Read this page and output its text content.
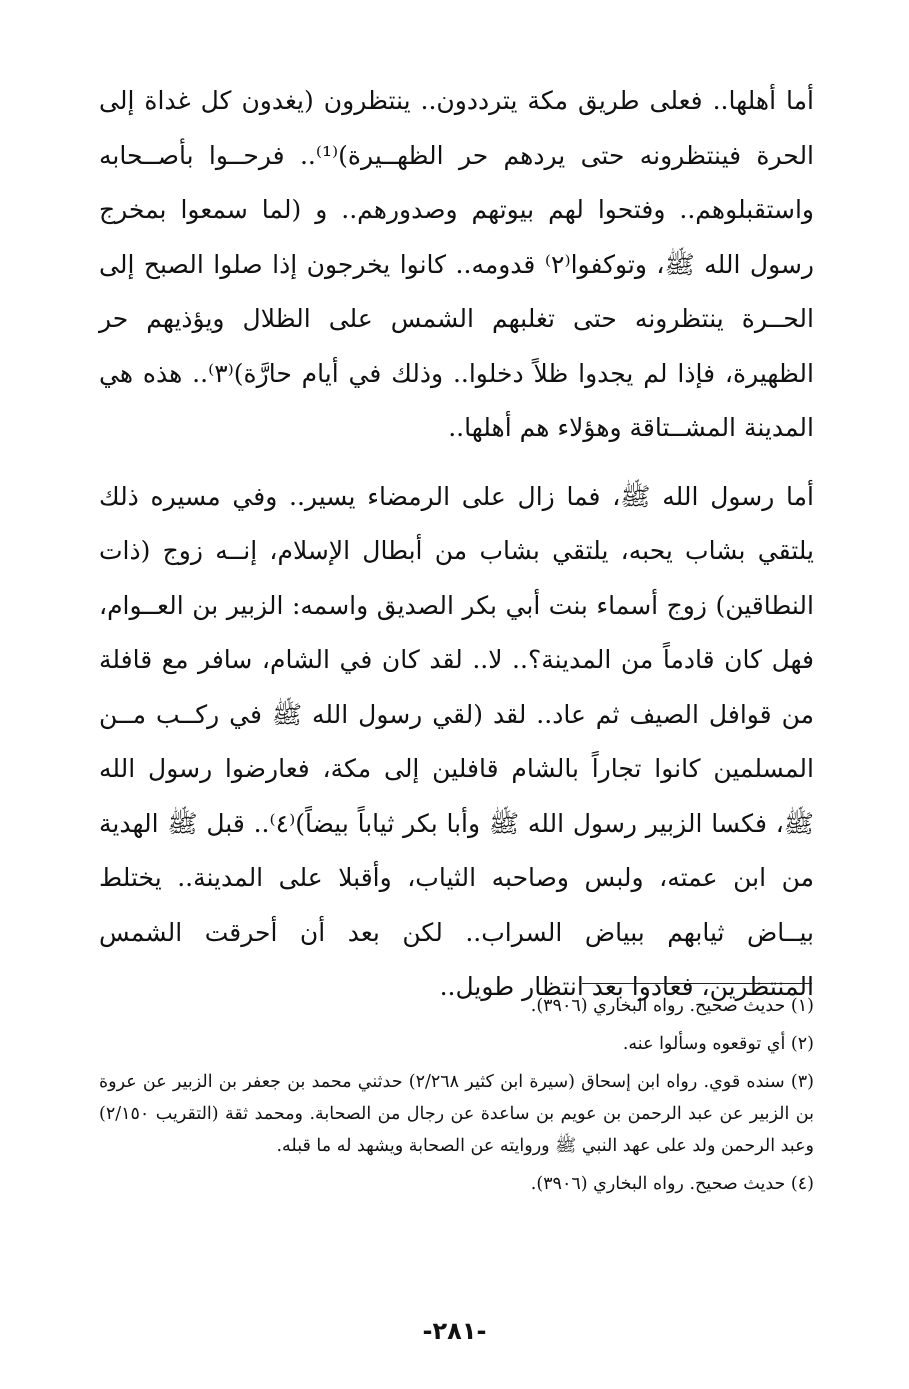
أما أهلها.. فعلى طريق مكة يترددون.. ينتظرون (يغدون كل غداة إلى الحرة فينتظرونه حتى يردهم حر الظهــيرة)⁽¹⁾.. فرحــوا بأصــحابه واستقبلوهم.. وفتحوا لهم بيوتهم وصدورهم.. و (لما سمعوا بمخرج رسول الله ﷺ، وتوكفوا⁽٢⁾ قدومه.. كانوا يخرجون إذا صلوا الصبح إلى الحــرة ينتظرونه حتى تغلبهم الشمس على الظلال ويؤذيهم حر الظهيرة، فإذا لم يجدوا ظلاً دخلوا.. وذلك في أيام حارَّة)⁽٣⁾.. هذه هي المدينة المشــتاقة وهؤلاء هم أهلها..

أما رسول الله ﷺ، فما زال على الرمضاء يسير.. وفي مسيره ذلك يلتقي بشاب يحبه، يلتقي بشاب من أبطال الإسلام، إنــه زوج (ذات النطاقين) زوج أسماء بنت أبي بكر الصديق واسمه: الزبير بن العــوام، فهل كان قادماً من المدينة؟.. لا.. لقد كان في الشام، سافر مع قافلة من قوافل الصيف ثم عاد.. لقد (لقي رسول الله ﷺ في ركــب مــن المسلمين كانوا تجاراً بالشام قافلين إلى مكة، فعارضوا رسول الله ﷺ، فكسا الزبير رسول الله ﷺ وأبا بكر ثياباً بيضاً)⁽٤⁾.. قبل ﷺ الهدية من ابن عمته، ولبس وصاحبه الثياب، وأقبلا على المدينة.. يختلط بيــاض ثيابهم ببياض السراب.. لكن بعد أن أحرقت الشمس المنتظرين، فعادوا بعد انتظار طويل..

(١) حديث صحيح. رواه البخاري (٣٩٠٦).

(٢) أي توقعوه وسألوا عنه.

(٣) سنده قوي. رواه ابن إسحاق (سيرة ابن كثير ٢/٢٦٨) حدثني محمد بن جعفر بن الزبير عن عروة بن الزبير عن عبد الرحمن بن عويم بن ساعدة عن رجال من الصحابة. ومحمد ثقة (التقريب ٢/١٥٠) وعبد الرحمن ولد على عهد النبي ﷺ وروايته عن الصحابة ويشهد له ما قبله.

(٤) حديث صحيح. رواه البخاري (٣٩٠٦).

-٢٨١-
